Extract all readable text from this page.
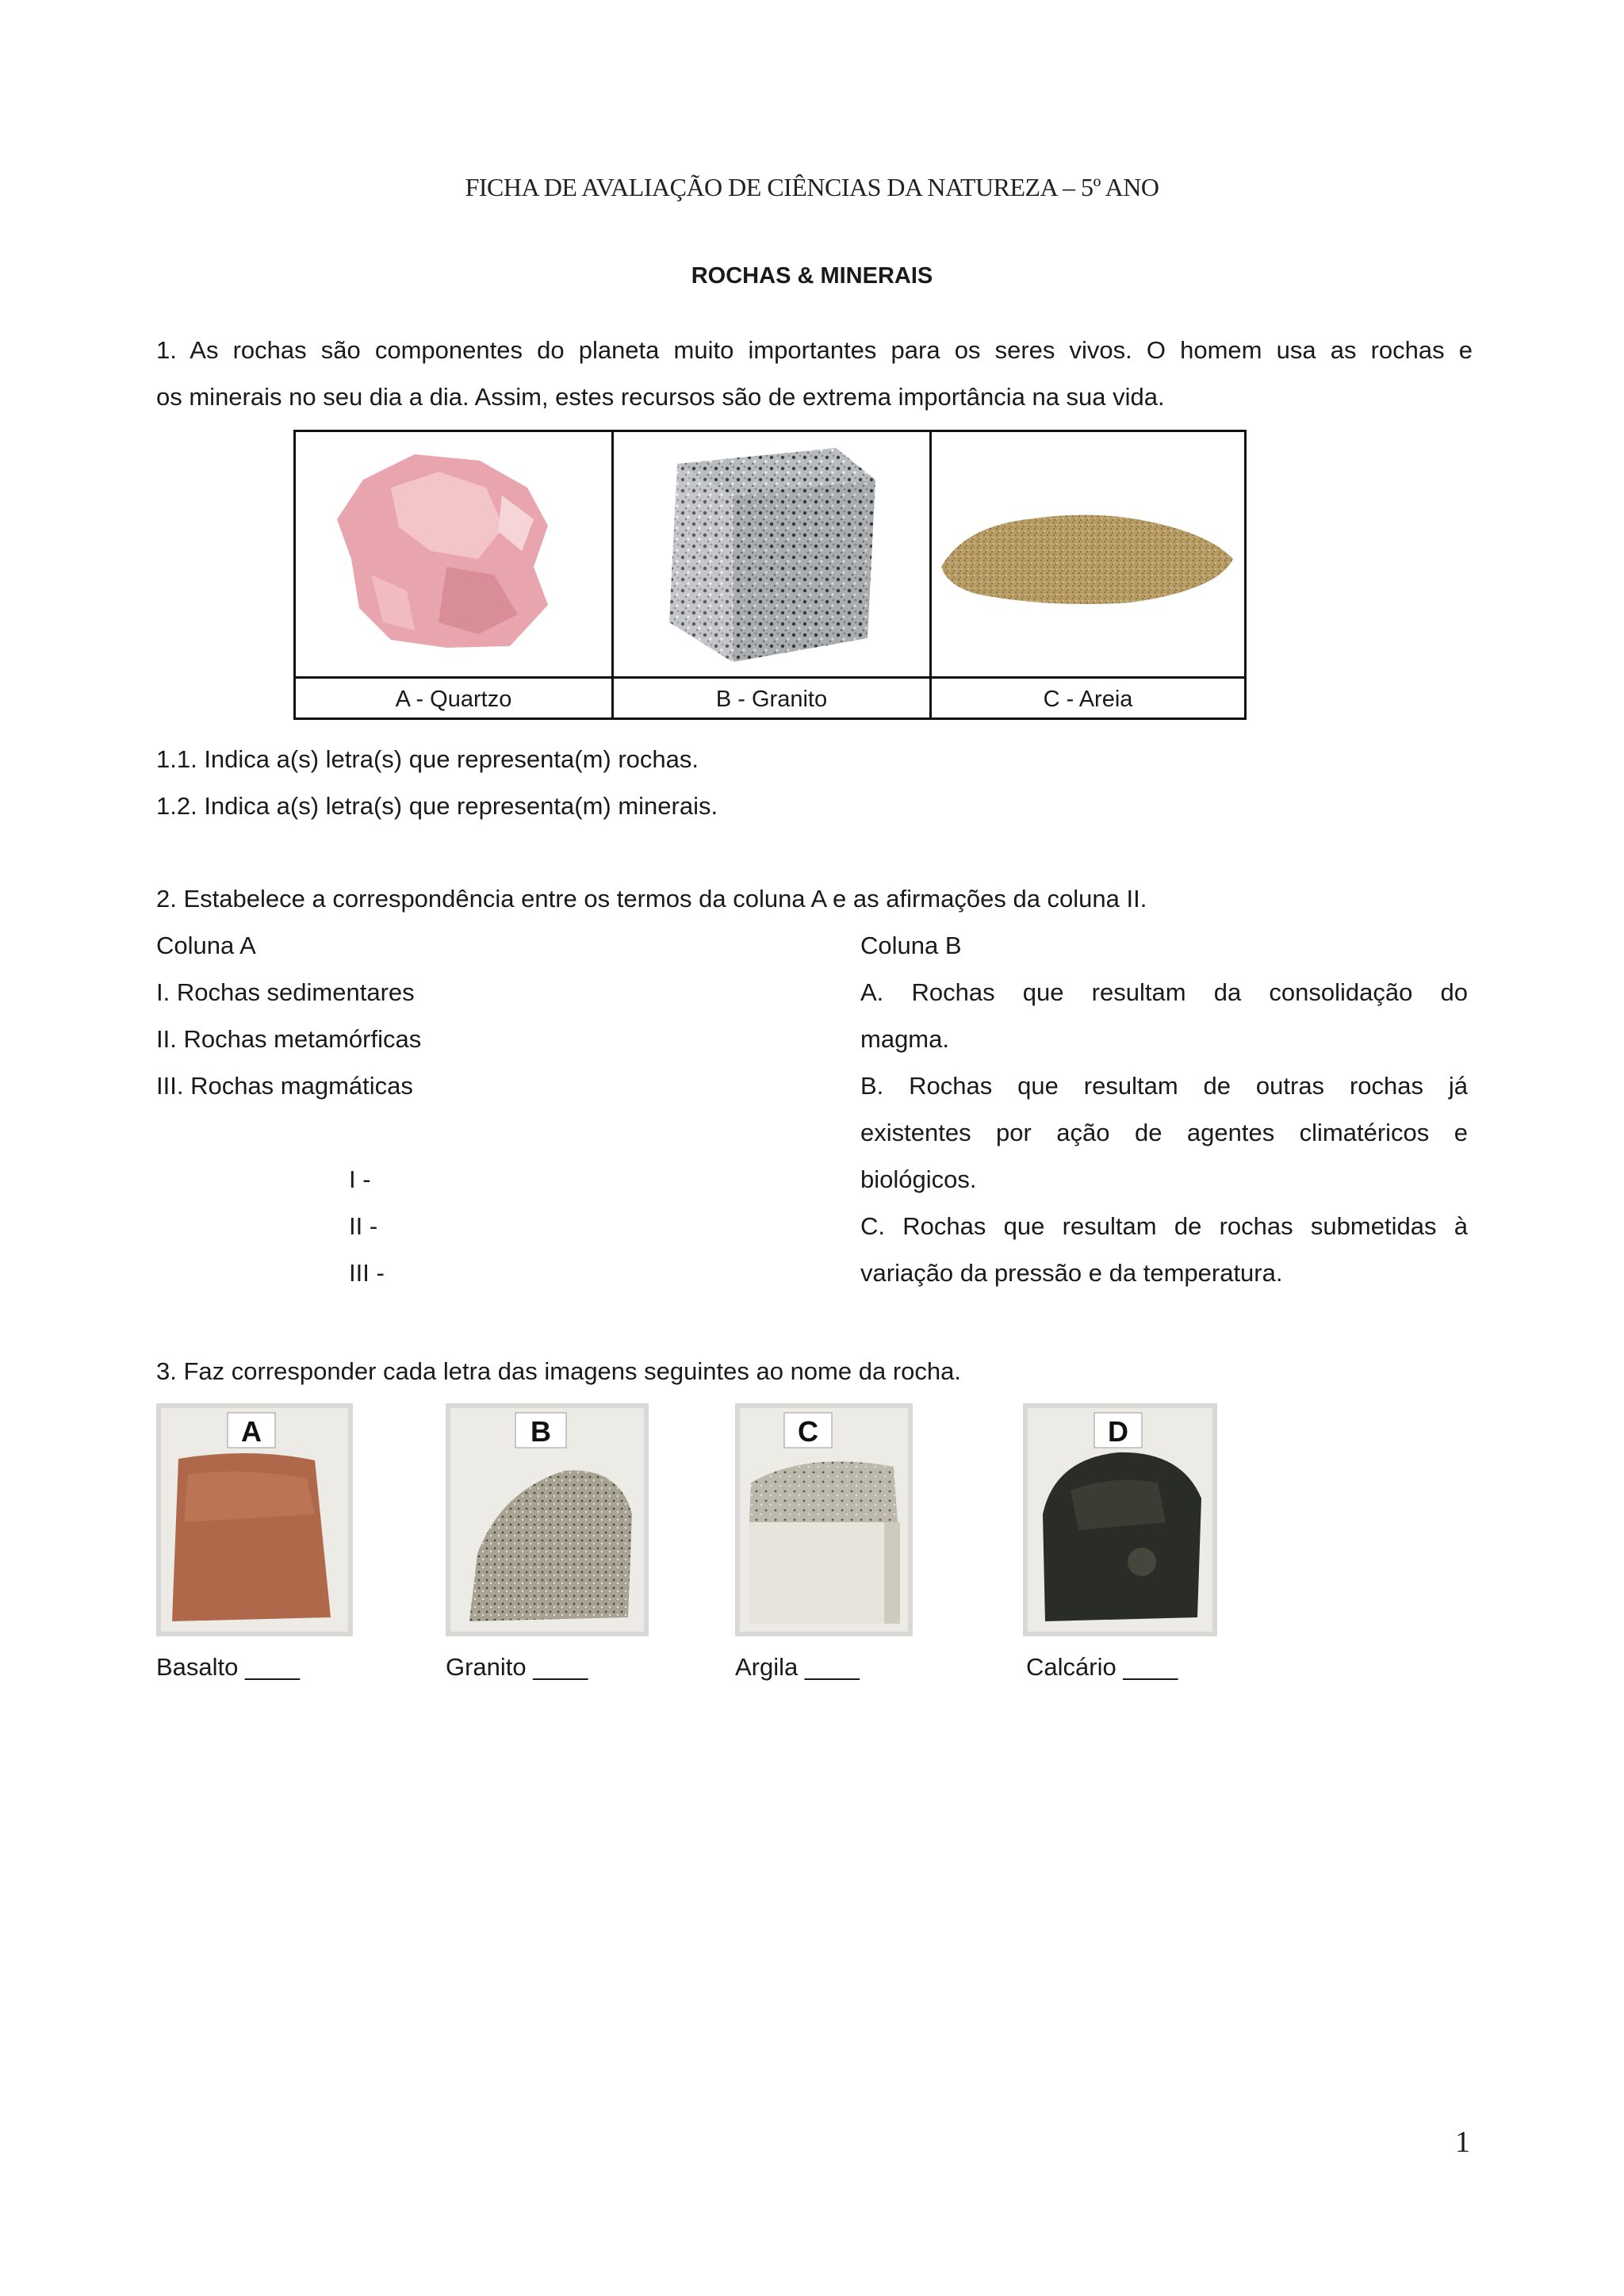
FICHA DE AVALIAÇÃO DE CIÊNCIAS DA NATUREZA – 5º ANO
ROCHAS & MINERAIS
1. As rochas são componentes do planeta muito importantes para os seres vivos. O homem usa as rochas e
os minerais no seu dia a dia. Assim, estes recursos são de extrema importância na sua vida.
A - Quartzo	B - Granito	C - Areia
1.1. Indica a(s) letra(s) que representa(m) rochas.
1.2. Indica a(s) letra(s) que representa(m) minerais.
2. Estabelece a correspondência entre os termos da coluna A e as afirmações da coluna II.
Coluna A
I. Rochas sedimentares
II. Rochas metamórficas
III. Rochas magmáticas
Coluna B
A. Rochas que resultam da consolidação do
magma.
B. Rochas que resultam de outras rochas já
existentes por ação de agentes climatéricos e
biológicos.
C. Rochas que resultam de rochas submetidas à
variação da pressão e da temperatura.
I -
II -
III -
3. Faz corresponder cada letra das imagens seguintes ao nome da rocha.
A	B	C	D
Basalto ____	Granito ____	Argila ____	Calcário ____
1
